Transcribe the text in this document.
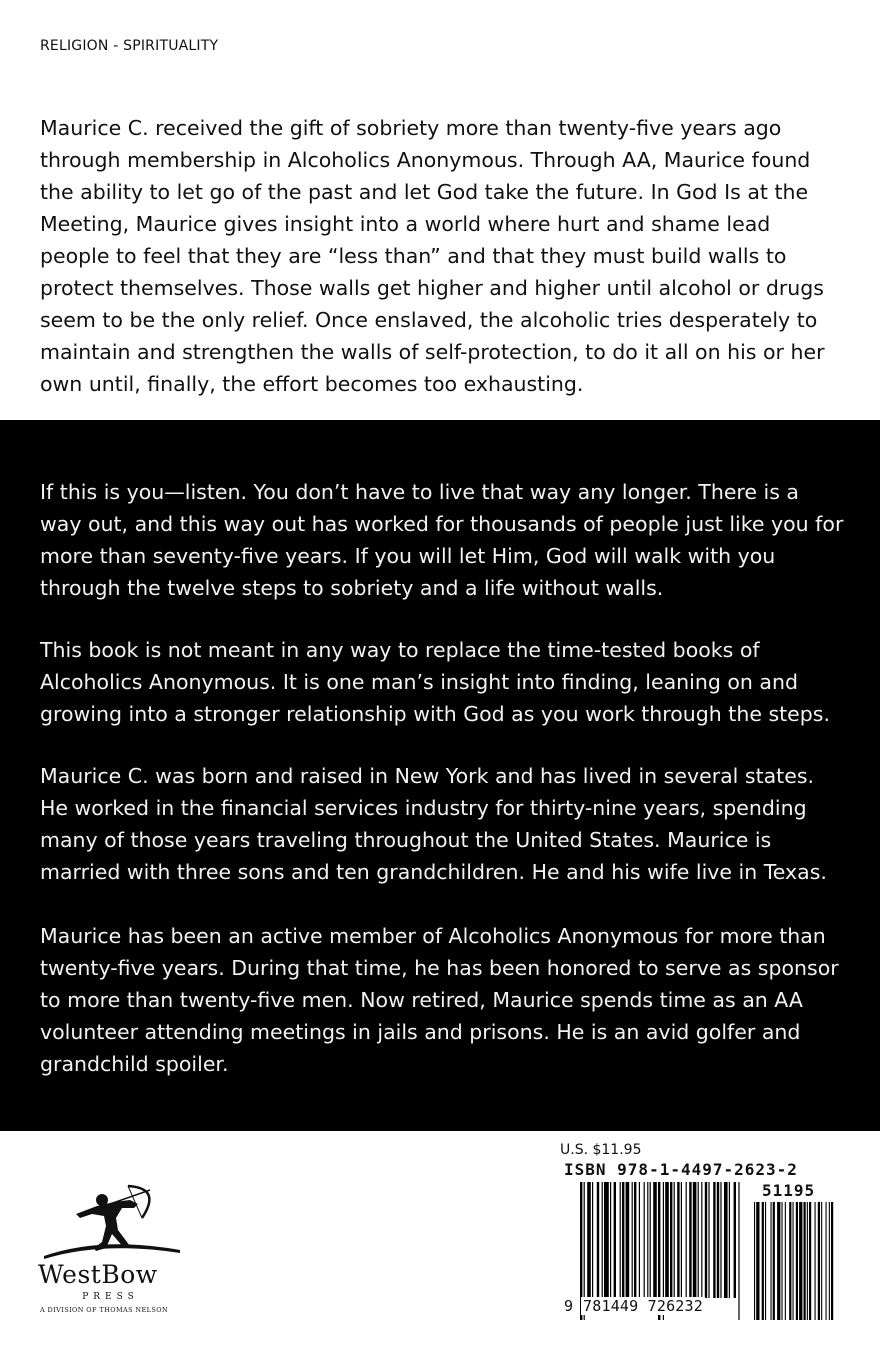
RELIGION - SPIRITUALITY

Maurice C. received the gift of sobriety more than twenty-five years ago through membership in Alcoholics Anonymous. Through AA, Maurice found the ability to let go of the past and let God take the future. In God Is at the Meeting, Maurice gives insight into a world where hurt and shame lead people to feel that they are “less than” and that they must build walls to protect themselves. Those walls get higher and higher until alcohol or drugs seem to be the only relief. Once enslaved, the alcoholic tries desperately to maintain and strengthen the walls of self-protection, to do it all on his or her own until, finally, the effort becomes too exhausting.

If this is you—listen. You don’t have to live that way any longer. There is a way out, and this way out has worked for thousands of people just like you for more than seventy-five years. If you will let Him, God will walk with you through the twelve steps to sobriety and a life without walls.

This book is not meant in any way to replace the time-tested books of Alcoholics Anonymous. It is one man’s insight into finding, leaning on and growing into a stronger relationship with God as you work through the steps.

Maurice C. was born and raised in New York and has lived in several states. He worked in the financial services industry for thirty-nine years, spending many of those years traveling throughout the United States. Maurice is married with three sons and ten grandchildren. He and his wife live in Texas.

Maurice has been an active member of Alcoholics Anonymous for more than twenty-five years. During that time, he has been honored to serve as sponsor to more than twenty-five men. Now retired, Maurice spends time as an AA volunteer attending meetings in jails and prisons. He is an avid golfer and grandchild spoiler.

WestBow
PRESS
A DIVISION OF THOMAS NELSON
U.S. $11.95
ISBN 978-1-4497-2623-2
51195
9 781449 726232
